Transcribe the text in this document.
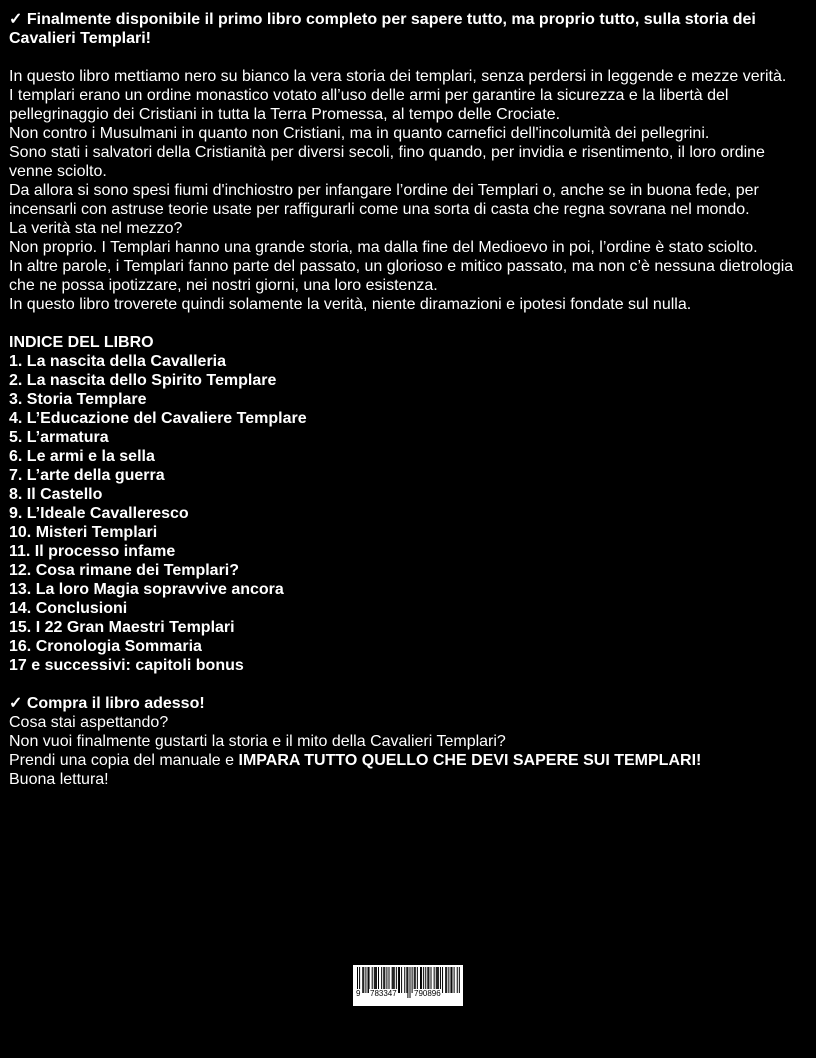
✓ Finalmente disponibile il primo libro completo per sapere tutto, ma proprio tutto, sulla storia dei Cavalieri Templari!

In questo libro mettiamo nero su bianco la vera storia dei templari, senza perdersi in leggende e mezze verità.

I templari erano un ordine monastico votato all’uso delle armi per garantire la sicurezza e la libertà del pellegrinaggio dei Cristiani in tutta la Terra Promessa, al tempo delle Crociate.

Non contro i Musulmani in quanto non Cristiani, ma in quanto carnefici dell'incolumità dei pellegrini.

Sono stati i salvatori della Cristianità per diversi secoli, fino quando, per invidia e risentimento, il loro ordine venne sciolto.

Da allora si sono spesi fiumi d'inchiostro per infangare l’ordine dei Templari o, anche se in buona fede, per incensarli con astruse teorie usate per raffigurarli come una sorta di casta che regna sovrana nel mondo.

La verità sta nel mezzo?

Non proprio. I Templari hanno una grande storia, ma dalla fine del Medioevo in poi, l’ordine è stato sciolto.

In altre parole, i Templari fanno parte del passato, un glorioso e mitico passato, ma non c’è nessuna dietrologia che ne possa ipotizzare, nei nostri giorni, una loro esistenza.

In questo libro troverete quindi solamente la verità, niente diramazioni e ipotesi fondate sul nulla.

INDICE DEL LIBRO

1. La nascita della Cavalleria
2. La nascita dello Spirito Templare
3. Storia Templare
4. L’Educazione del Cavaliere Templare
5. L’armatura
6. Le armi e la sella
7. L’arte della guerra
8. Il Castello
9. L’Ideale Cavalleresco
10. Misteri Templari
11. Il processo infame
12. Cosa rimane dei Templari?
13. La loro Magia sopravvive ancora
14. Conclusioni
15. I 22 Gran Maestri Templari
16. Cronologia Sommaria
17 e successivi: capitoli bonus

✓ Compra il libro adesso!

Cosa stai aspettando?

Non vuoi finalmente gustarti la storia e il mito della Cavalieri Templari?

Prendi una copia del manuale e IMPARA TUTTO QUELLO CHE DEVI SAPERE SUI TEMPLARI!

Buona lettura!

9 783347 790896
